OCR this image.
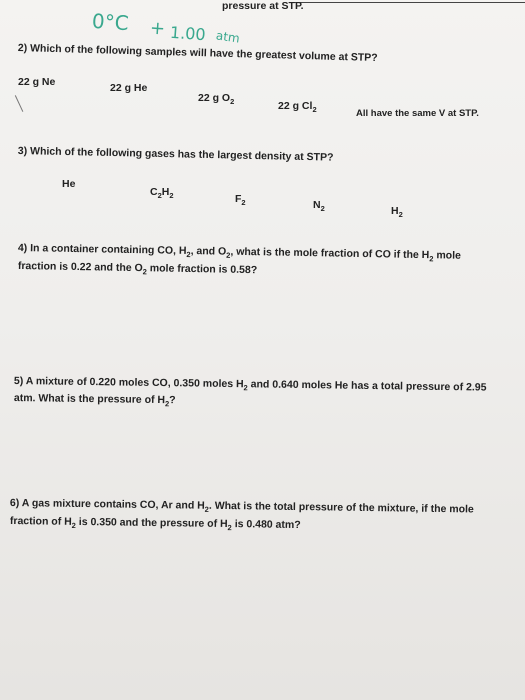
pressure at STP.
0°C + 1.00 atm
2) Which of the following samples will have the greatest volume at STP?
22 g Ne	22 g He
22 g $O_2$	22 g $Cl_2$	All have the same V at STP.
3) Which of the following gases has the largest density at STP?
He
$C_2H_2$	$F_2$	$N_2$	$H_2$
4) In a container containing CO, $H_2$, and $O_2$, what is the mole fraction of CO if the $H_2$ mole
fraction is 0.22 and the $O_2$ mole fraction is 0.58?
5) A mixture of 0.220 moles CO, 0.350 moles $H_2$ and 0.640 moles He has a total pressure of 2.95
atm. What is the pressure of $H_2$?
6) A gas mixture contains CO, Ar and $H_2$. What is the total pressure of the mixture, if the mole
fraction of $H_2$ is 0.350 and the pressure of $H_2$ is 0.480 atm?
